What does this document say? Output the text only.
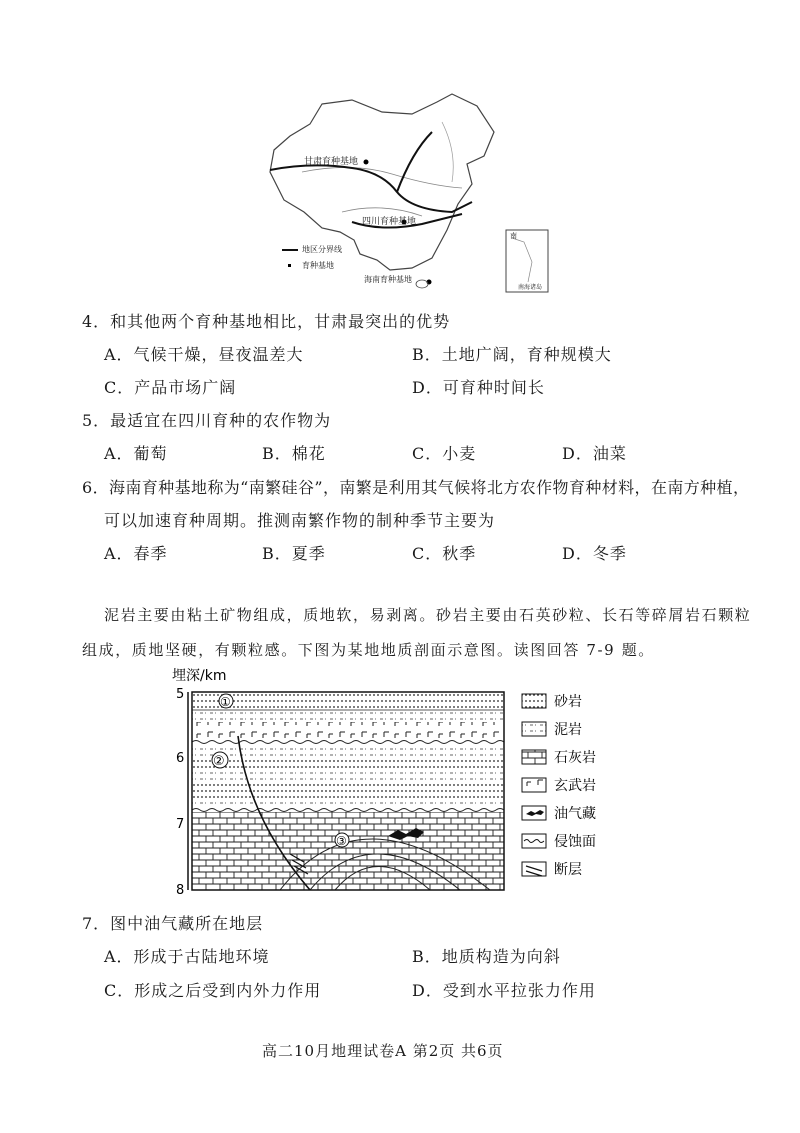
甘肃育种基地
四川育种基地
海南育种基地
地区分界线
育种基地
南
南海诸岛
4．和其他两个育种基地相比，甘肃最突出的优势
A．气候干燥，昼夜温差大	B．土地广阔，育种规模大
C．产品市场广阔	D．可育种时间长
5．最适宜在四川育种的农作物为
A．葡萄	B．棉花	C．小麦	D．油菜
6．海南育种基地称为“南繁硅谷”，南繁是利用其气候将北方农作物育种材料，在南方种植，
可以加速育种周期。推测南繁作物的制种季节主要为
A．春季	B．夏季	C．秋季	D．冬季
泥岩主要由粘土矿物组成，质地软，易剥离。砂岩主要由石英砂粒、长石等碎屑岩石颗粒
组成，质地坚硬，有颗粒感。下图为某地地质剖面示意图。读图回答 7-9 题。
埋深/km
5
6
7
8
①
②
③
砂岩
泥岩
石灰岩
玄武岩
油气藏
侵蚀面
断层
7．图中油气藏所在地层
A．形成于古陆地环境	B．地质构造为向斜
C．形成之后受到内外力作用	D．受到水平拉张力作用
高二10月地理试卷A 第2页 共6页
